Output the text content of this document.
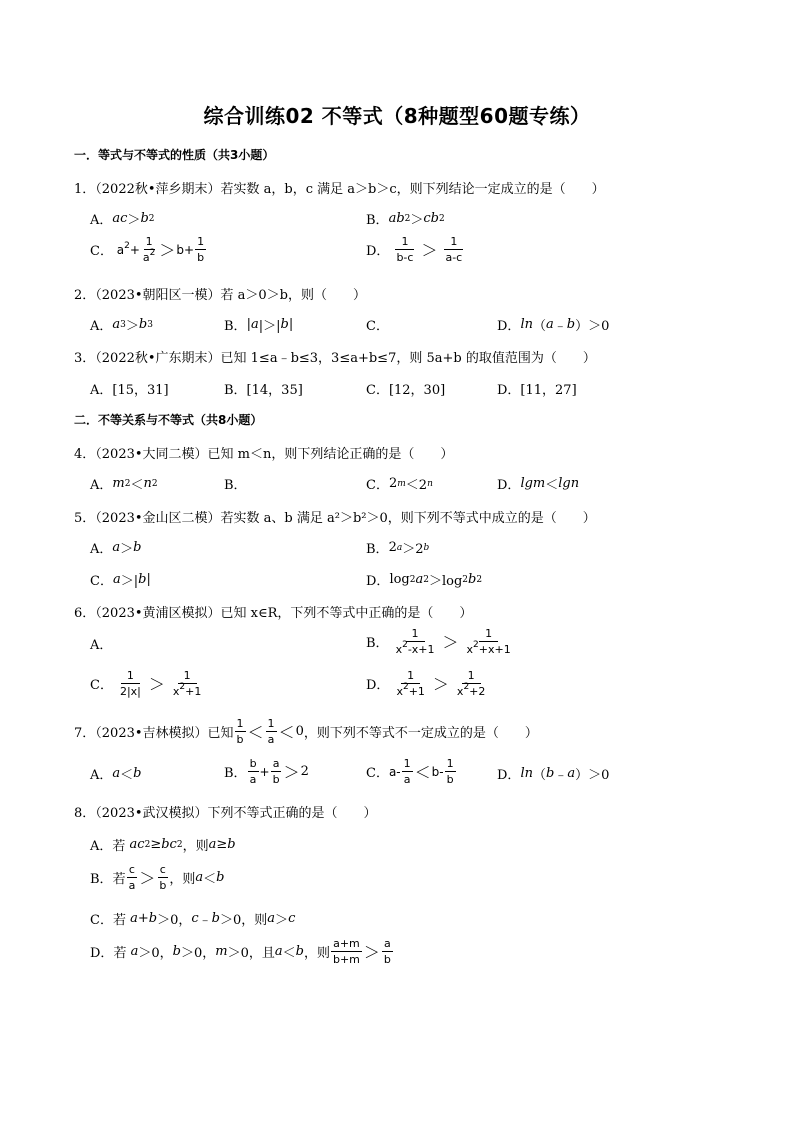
综合训练02 不等式（8种题型60题专练）
一．等式与不等式的性质（共3小题）
1．（2022秋•萍乡期末）若实数 a，b，c 满足 a＞b＞c，则下列结论一定成立的是（　　）
A． ac ＞ b 2	B． ab 2 ＞ cb 2
C． $a^2+ \frac{1}{a^2} > b+ \frac{1}{b}$	D． $\frac{1}{b-c} > \frac{1}{a-c}$
2．（2023•朝阳区一模）若 a＞0＞b，则（　　）
A． a 3 ＞ b 3	B． | a |＞| b |	C．	D． ln （ a ﹣ b ）＞0
3．（2022秋•广东期末）已知 1≤a﹣b≤3，3≤a+b≤7，则 5a+b 的取值范围为（　　）
A．[15，31]	B．[14，35]	C．[12，30]	D．[11，27]
二．不等关系与不等式（共8小题）
4．（2023•大同二模）已知 m＜n，则下列结论正确的是（　　）
A． m 2 ＜ n 2	B．	C． 2 m ＜2 n	D． lgm ＜ lgn
5．（2023•金山区二模）若实数 a、b 满足 a²＞b²＞0，则下列不等式中成立的是（　　）
A． a ＞ b	B． 2 a ＞2 b
C． a ＞| b |	D． log 2 a 2 ＞log 2 b 2
6．（2023•黄浦区模拟）已知 x∈R，下列不等式中正确的是（　　）
A．	B． $\frac{1}{x^2-x+1} > \frac{1}{x^2+x+1}$
C． $\frac{1}{2|x|} > \frac{1}{x^2+1}$	D． $\frac{1}{x^2+1} > \frac{1}{x^2+2}$
7．（2023•吉林模拟）已知 $\frac{1}{b} < \frac{1}{a} < 0$ ，则下列不等式不一定成立的是（　　）
A． a ＜ b	B． $\frac{b}{a} + \frac{a}{b} > 2$	C． $a- \frac{1}{a} < b- \frac{1}{b}$	D． ln （ b ﹣ a ）＞0
8．（2023•武汉模拟）下列不等式正确的是（　　）
A． 若 ac 2 ≥ bc 2 ，则 a ≥ b
B． 若 $\frac{c}{a} > \frac{c}{b}$ ，则 a ＜ b
C． 若 a + b ＞0， c ﹣ b ＞0，则 a ＞ c
D． 若 a ＞0， b ＞0， m ＞0，且 a ＜ b ，则 $\frac{a+m}{b+m} > \frac{a}{b}$
